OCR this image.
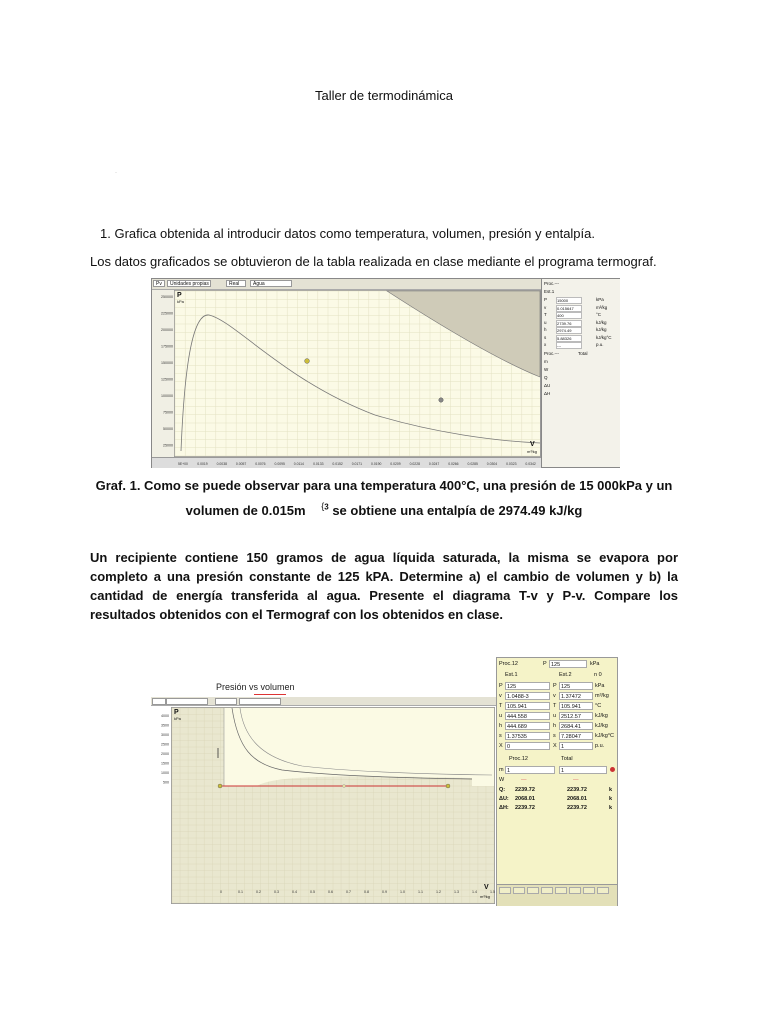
Taller de termodinámica
·
1. Grafica obtenida al introducir datos como temperatura, volumen, presión y entalpía.
Los datos graficados se obtuvieron de la tabla realizada en clase mediante el programa termograf.
Pv	Unidades propias	Real	Agua
250000
225000
200000
175000
150000
125000
100000
75000
50000
25000
P
kPa
V
m³/kg
5E+00	0.0019	0.0038	0.0057	0.0076	0.0095	0.0114	0.0133	0.0152	0.0171	0.0190	0.0209	0.0228	0.0247	0.0266	0.0285	0.0304	0.0323	0.0342
Proc.---
Est.1
P 15000	kPa
v	0.015647	m³/kg
T	400	°C
u	2739.76	kJ/kg
h	2974.49	kJ/kg
s	5.88326	kJ/kg°C
x	---	p.u.
Proc.---	Total
m
W
Q
ΔU
ΔH
Graf. 1. Como se puede observar para una temperatura 400°C, una presión de 15 000kPa y un
volumen de 0.015m $^{\{3}$ se obtiene una entalpía de 2974.49 kJ/kg
Un recipiente contiene 150 gramos de agua líquida saturada, la misma se evapora por completo a una presión constante de 125 kPA. Determine a) el cambio de volumen y b) la cantidad de energía transferida al agua. Presente el diagrama T-v y P-v. Compare los resultados obtenidos con el Termograf con los obtenidos en clase.
Presión vs volumen
4000
3500
3000
2500
2000
1500
1000
500
P
kPa
V
m³/kg
0	0.1	0.2	0.3	0.4	0.5	0.6	0.7	0.8	0.9	1.0	1.1	1.2	1.3	1.4	1.5
Proc.12	P 125	kPa
Est.1	Est.2	n 0
P 125	P 125	kPa
v 1.0488-3	v 1.37472	m³/kg
T 105.941	T 105.941	°C
u 444.558	u 2512.57	kJ/kg
h 444.689	h 2684.41	kJ/kg
s 1.37535	s 7.28047	kJ/kg°C
X 0	X 1	p.u.
Proc.12	Total
m 1	1
W	—	—
Q: 2239.72	2239.72	k
ΔU: 2068.01	2068.01	k
ΔH: 2239.72	2239.72	k
